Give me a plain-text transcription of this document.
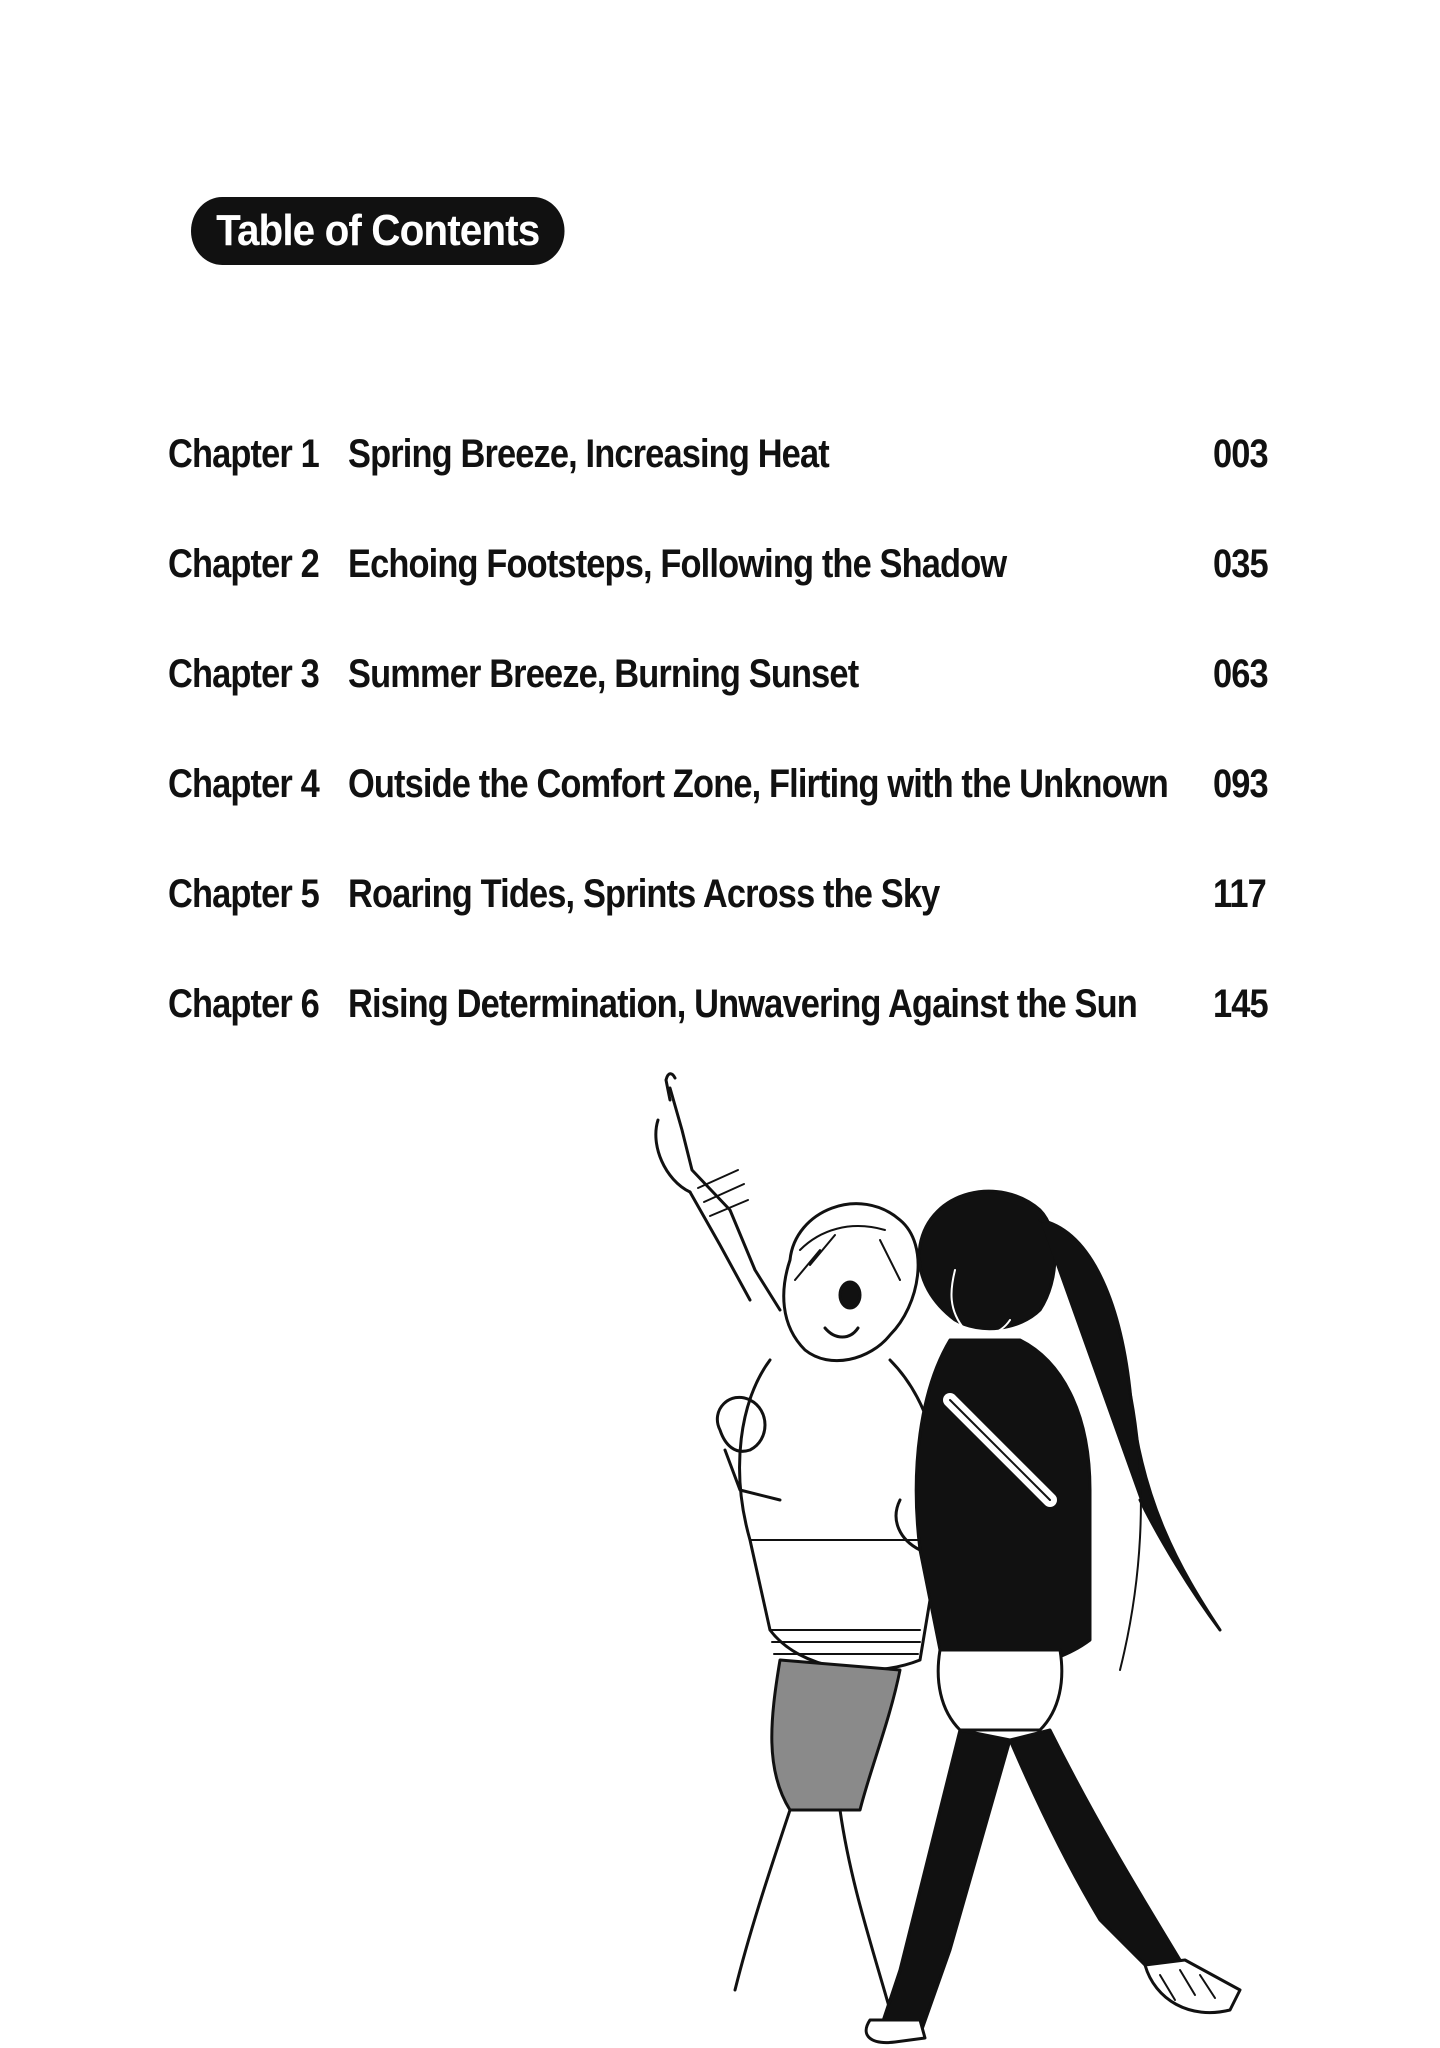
Table of Contents
Chapter 1 Spring Breeze, Increasing Heat	003
Chapter 2 Echoing Footsteps, Following the Shadow	035
Chapter 3 Summer Breeze, Burning Sunset	063
Chapter 4 Outside the Comfort Zone, Flirting with the Unknown 093
Chapter 5 Roaring Tides, Sprints Across the Sky	117
Chapter 6 Rising Determination, Unwavering Against the Sun 145
